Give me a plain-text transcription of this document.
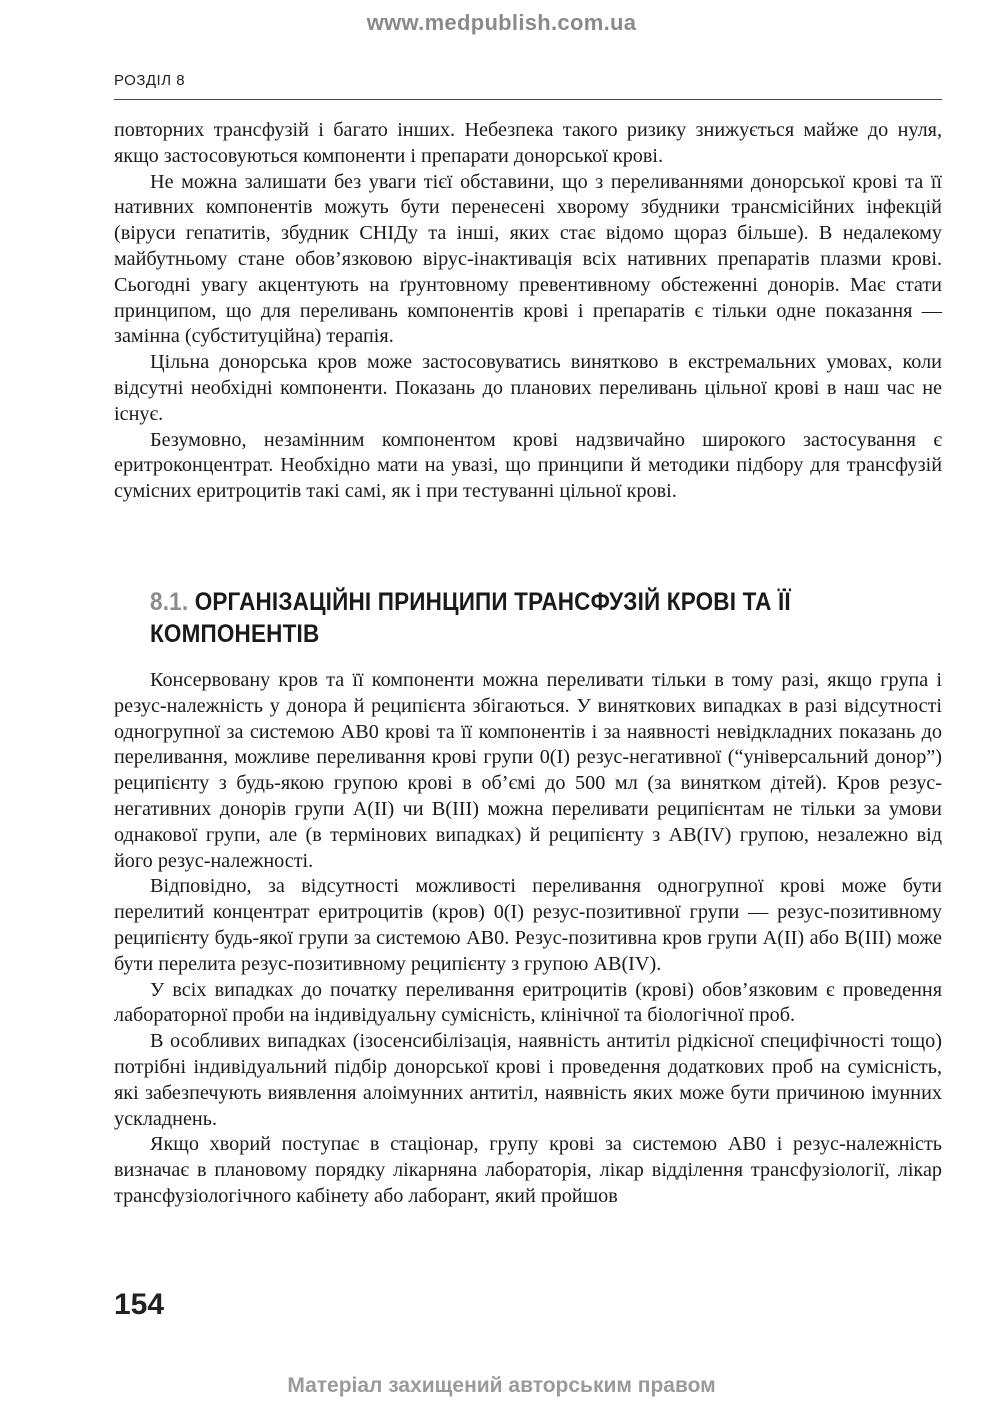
www.medpublish.com.ua
РОЗДІЛ 8

повторних трансфузій і багато інших. Небезпека такого ризику знижується майже до нуля, якщо застосовуються компоненти і препарати донорської крові.

Не можна залишати без уваги тієї обставини, що з переливаннями донорської крові та її нативних компонентів можуть бути перенесені хворому збудники трансмісійних інфекцій (віруси гепатитів, збудник СНІДу та інші, яких стає відомо щораз більше). В недалекому майбутньому стане обов’язковою вірус-інактивація всіх нативних препаратів плазми крові. Сьогодні увагу акцентують на ґрунтовному превентивному обстеженні донорів. Має стати принципом, що для переливань компонентів крові і препаратів є тільки одне показання — замінна (субституційна) терапія.

Цільна донорська кров може застосовуватись винятково в екстремальних умовах, коли відсутні необхідні компоненти. Показань до планових переливань цільної крові в наш час не існує.

Безумовно, незамінним компонентом крові надзвичайно широкого застосування є еритроконцентрат. Необхідно мати на увазі, що принципи й методики підбору для трансфузій сумісних еритроцитів такі самі, як і при тестуванні цільної крові.

8.1. ОРГАНІЗАЦІЙНІ ПРИНЦИПИ ТРАНСФУЗІЙ КРОВІ ТА ЇЇ КОМПОНЕНТІВ

Консервовану кров та її компоненти можна переливати тільки в тому разі, якщо група і резус-належність у донора й реципієнта збігаються. У виняткових випадках в разі відсутності одногрупної за системою АВ0 крові та її компонентів і за наявності невідкладних показань до переливання, можливе переливання крові групи 0(І) резус-негативної (“універсальний донор”) реципієнту з будь-якою групою крові в об’ємі до 500 мл (за винятком дітей). Кров резус-негативних донорів групи А(ІІ) чи В(ІІІ) можна переливати реципієнтам не тільки за умови однакової групи, але (в термінових випадках) й реципієнту з АВ(ІV) групою, незалежно від його резус-належності.

Відповідно, за відсутності можливості переливання одногрупної крові може бути перелитий концентрат еритроцитів (кров) 0(І) резус-позитивної групи — резус-позитивному реципієнту будь-якої групи за системою АВ0. Резус-позитивна кров групи А(ІІ) або В(ІІІ) може бути перелита резус-позитивному реципієнту з групою АВ(ІV).

У всіх випадках до початку переливання еритроцитів (крові) обов’язковим є проведення лабораторної проби на індивідуальну сумісність, клінічної та біологічної проб.

В особливих випадках (ізосенсибілізація, наявність антитіл рідкісної специфічності тощо) потрібні індивідуальний підбір донорської крові і проведення додаткових проб на сумісність, які забезпечують виявлення алоімунних антитіл, наявність яких може бути причиною імунних ускладнень.

Якщо хворий поступає в стаціонар, групу крові за системою АВ0 і резус-належність визначає в плановому порядку лікарняна лабораторія, лікар відділення трансфузіології, лікар трансфузіологічного кабінету або лаборант, який пройшов

154
Матеріал захищений авторським правом
